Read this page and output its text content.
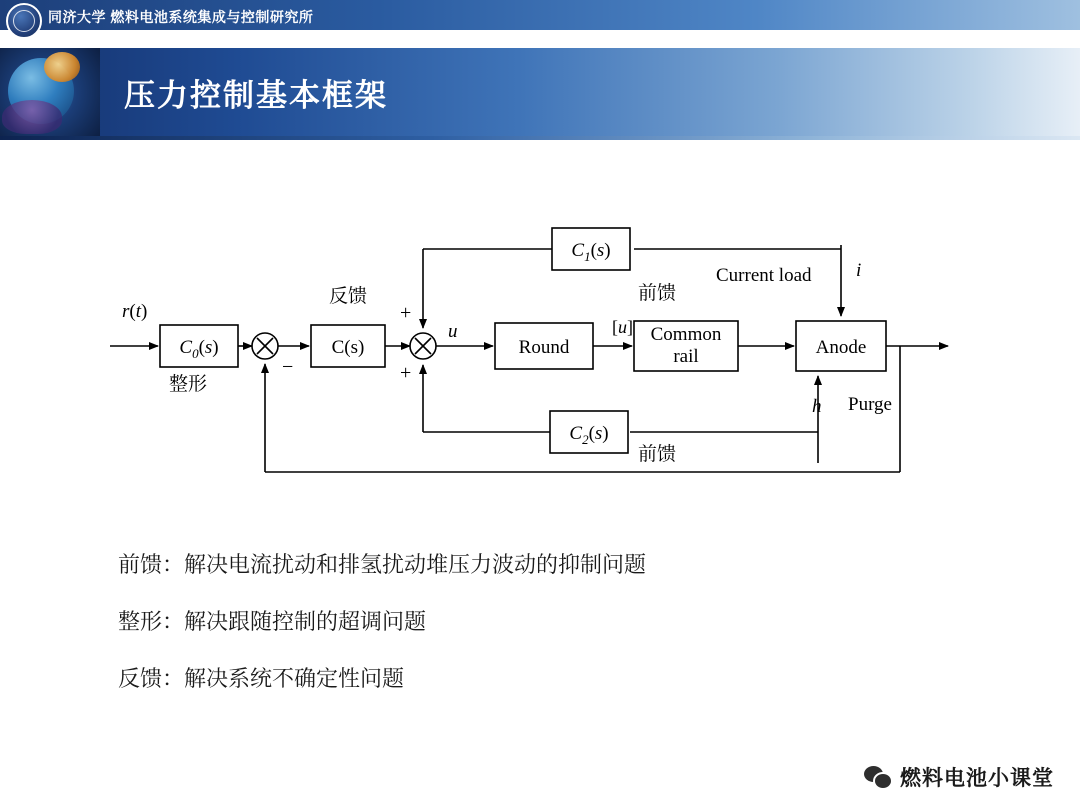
同济大学 燃料电池系统集成与控制研究所
压力控制基本框架
$C_0(s)$	C(s)
$C_1(s)$
$C_2(s)$
Round
Common
rail	Anode
r(t)
u	[u]
i
h
+
+
−
反馈
整形
前馈
前馈
Current load
Purge
前馈：解决电流扰动和排氢扰动堆压力波动的抑制问题
整形：解决跟随控制的超调问题
反馈：解决系统不确定性问题
燃料电池小课堂
